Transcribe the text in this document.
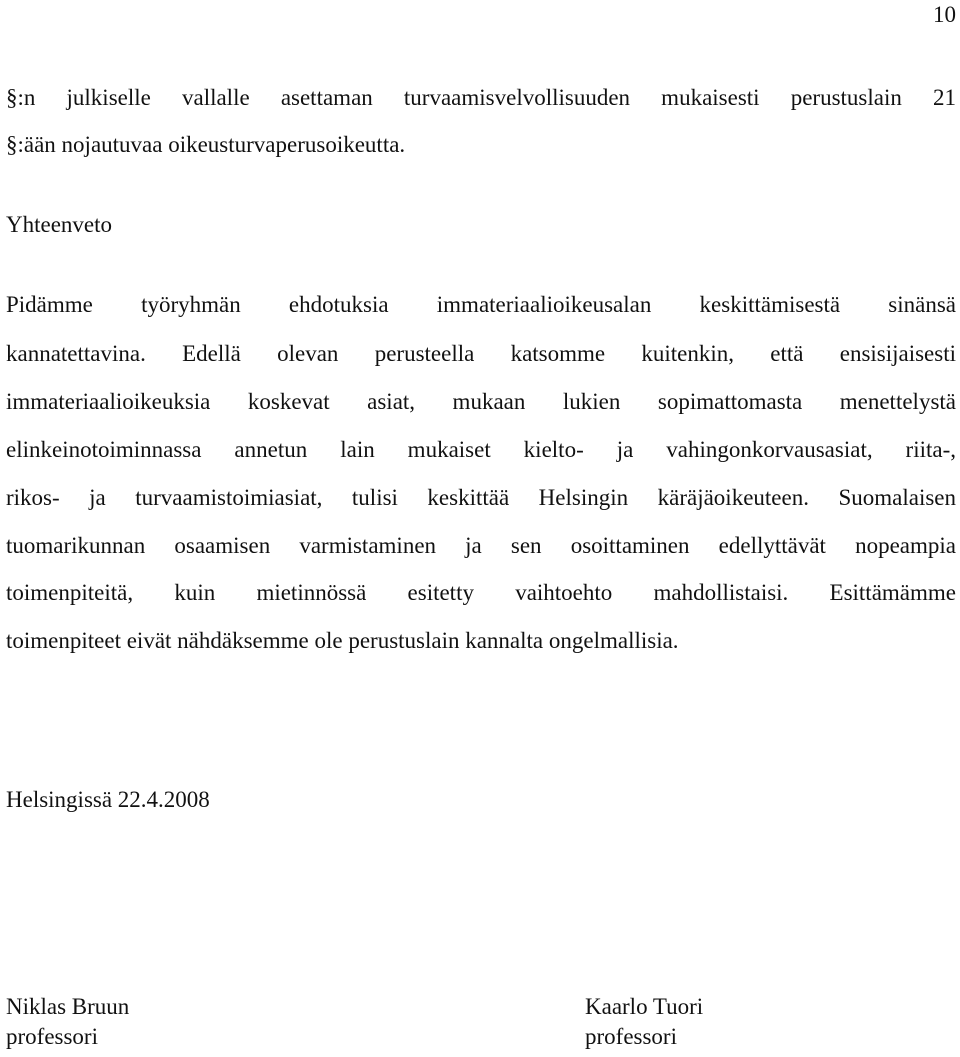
10
§:n julkiselle vallalle asettaman turvaamisvelvollisuuden mukaisesti perustuslain 21
§:ään nojautuvaa oikeusturvaperusoikeutta.
Yhteenveto
Pidämme työryhmän ehdotuksia immateriaalioikeusalan keskittämisestä sinänsä
kannatettavina. Edellä olevan perusteella katsomme kuitenkin, että ensisijaisesti
immateriaalioikeuksia koskevat asiat, mukaan lukien sopimattomasta menettelystä
elinkeinotoiminnassa annetun lain mukaiset kielto- ja vahingonkorvausasiat, riita-,
rikos- ja turvaamistoimiasiat, tulisi keskittää Helsingin käräjäoikeuteen. Suomalaisen
tuomarikunnan osaamisen varmistaminen ja sen osoittaminen edellyttävät nopeampia
toimenpiteitä, kuin mietinnössä esitetty vaihtoehto mahdollistaisi. Esittämämme
toimenpiteet eivät nähdäksemme ole perustuslain kannalta ongelmallisia.
Helsingissä 22.4.2008
Niklas Bruun
professori
Kaarlo Tuori
professori
